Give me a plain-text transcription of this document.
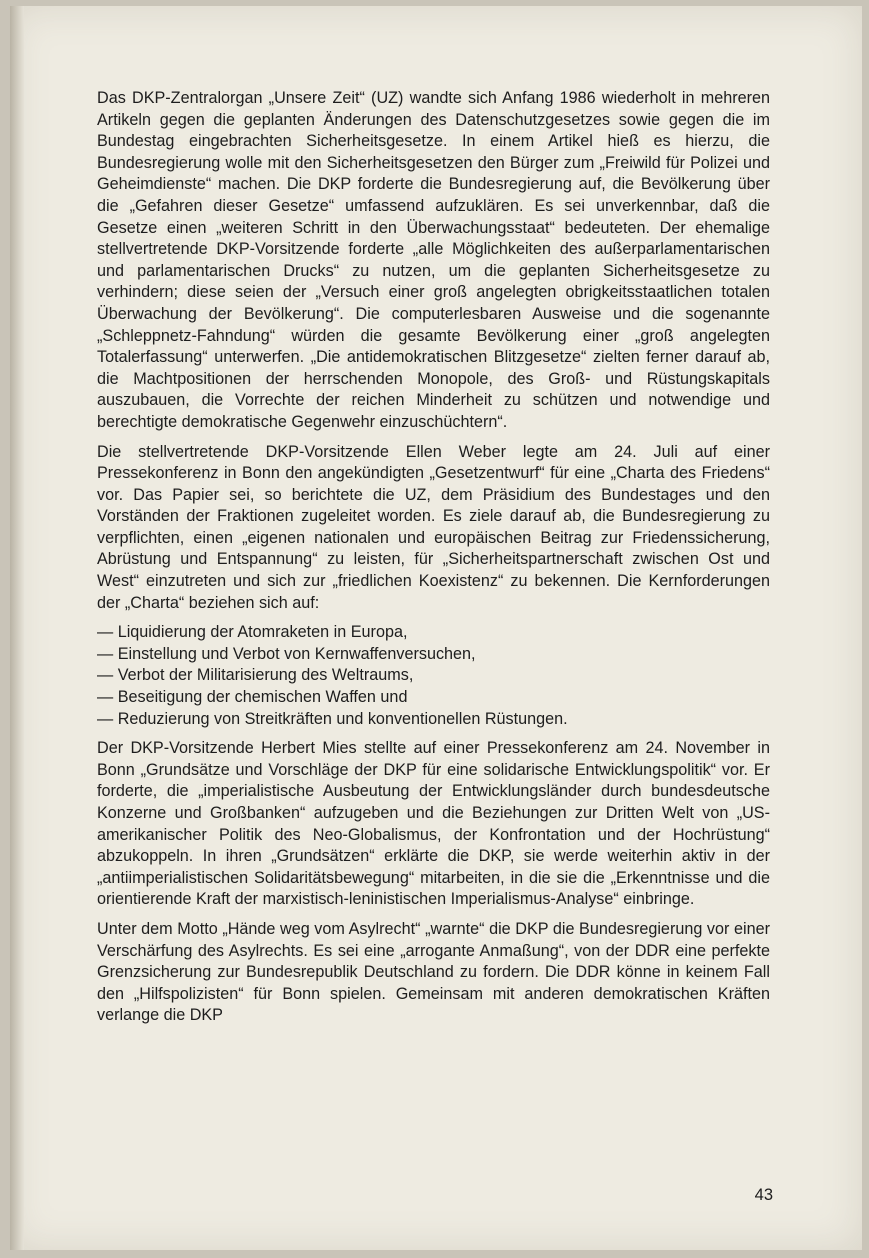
Das DKP-Zentralorgan „Unsere Zeit“ (UZ) wandte sich Anfang 1986 wiederholt in mehreren Artikeln gegen die geplanten Änderungen des Datenschutzgesetzes sowie gegen die im Bundestag eingebrachten Sicherheitsgesetze. In einem Artikel hieß es hierzu, die Bundesregierung wolle mit den Sicherheitsgesetzen den Bürger zum „Freiwild für Polizei und Geheimdienste“ machen. Die DKP forderte die Bundesregierung auf, die Bevölkerung über die „Gefahren dieser Gesetze“ umfassend aufzuklären. Es sei unverkennbar, daß die Gesetze einen „weiteren Schritt in den Überwachungsstaat“ bedeuteten. Der ehemalige stellvertretende DKP-Vorsitzende forderte „alle Möglichkeiten des außerparlamentarischen und parlamentarischen Drucks“ zu nutzen, um die geplanten Sicherheitsgesetze zu verhindern; diese seien der „Versuch einer groß angelegten obrigkeitsstaatlichen totalen Überwachung der Bevölkerung“. Die computerlesbaren Ausweise und die sogenannte „Schleppnetz-Fahndung“ würden die gesamte Bevölkerung einer „groß angelegten Totalerfassung“ unterwerfen. „Die antidemokratischen Blitzgesetze“ zielten ferner darauf ab, die Machtpositionen der herrschenden Monopole, des Groß- und Rüstungskapitals auszubauen, die Vorrechte der reichen Minderheit zu schützen und notwendige und berechtigte demokratische Gegenwehr einzuschüchtern“.

Die stellvertretende DKP-Vorsitzende Ellen Weber legte am 24. Juli auf einer Pressekonferenz in Bonn den angekündigten „Gesetzentwurf“ für eine „Charta des Friedens“ vor. Das Papier sei, so berichtete die UZ, dem Präsidium des Bundestages und den Vorständen der Fraktionen zugeleitet worden. Es ziele darauf ab, die Bundesregierung zu verpflichten, einen „eigenen nationalen und europäischen Beitrag zur Friedenssicherung, Abrüstung und Entspannung“ zu leisten, für „Sicherheitspartnerschaft zwischen Ost und West“ einzutreten und sich zur „friedlichen Koexistenz“ zu bekennen. Die Kernforderungen der „Charta“ beziehen sich auf:

— Liquidierung der Atomraketen in Europa,
— Einstellung und Verbot von Kernwaffenversuchen,
— Verbot der Militarisierung des Weltraums,
— Beseitigung der chemischen Waffen und
— Reduzierung von Streitkräften und konventionellen Rüstungen.

Der DKP-Vorsitzende Herbert Mies stellte auf einer Pressekonferenz am 24. November in Bonn „Grundsätze und Vorschläge der DKP für eine solidarische Entwicklungspolitik“ vor. Er forderte, die „imperialistische Ausbeutung der Entwicklungsländer durch bundesdeutsche Konzerne und Großbanken“ aufzugeben und die Beziehungen zur Dritten Welt von „US-amerikanischer Politik des Neo-Globalismus, der Konfrontation und der Hochrüstung“ abzukoppeln. In ihren „Grundsätzen“ erklärte die DKP, sie werde weiterhin aktiv in der „antiimperialistischen Solidaritätsbewegung“ mitarbeiten, in die sie die „Erkenntnisse und die orientierende Kraft der marxistisch-leninistischen Imperialismus-Analyse“ einbringe.

Unter dem Motto „Hände weg vom Asylrecht“ „warnte“ die DKP die Bundesregierung vor einer Verschärfung des Asylrechts. Es sei eine „arrogante Anmaßung“, von der DDR eine perfekte Grenzsicherung zur Bundesrepublik Deutschland zu fordern. Die DDR könne in keinem Fall den „Hilfspolizisten“ für Bonn spielen. Gemeinsam mit anderen demokratischen Kräften verlange die DKP

43
